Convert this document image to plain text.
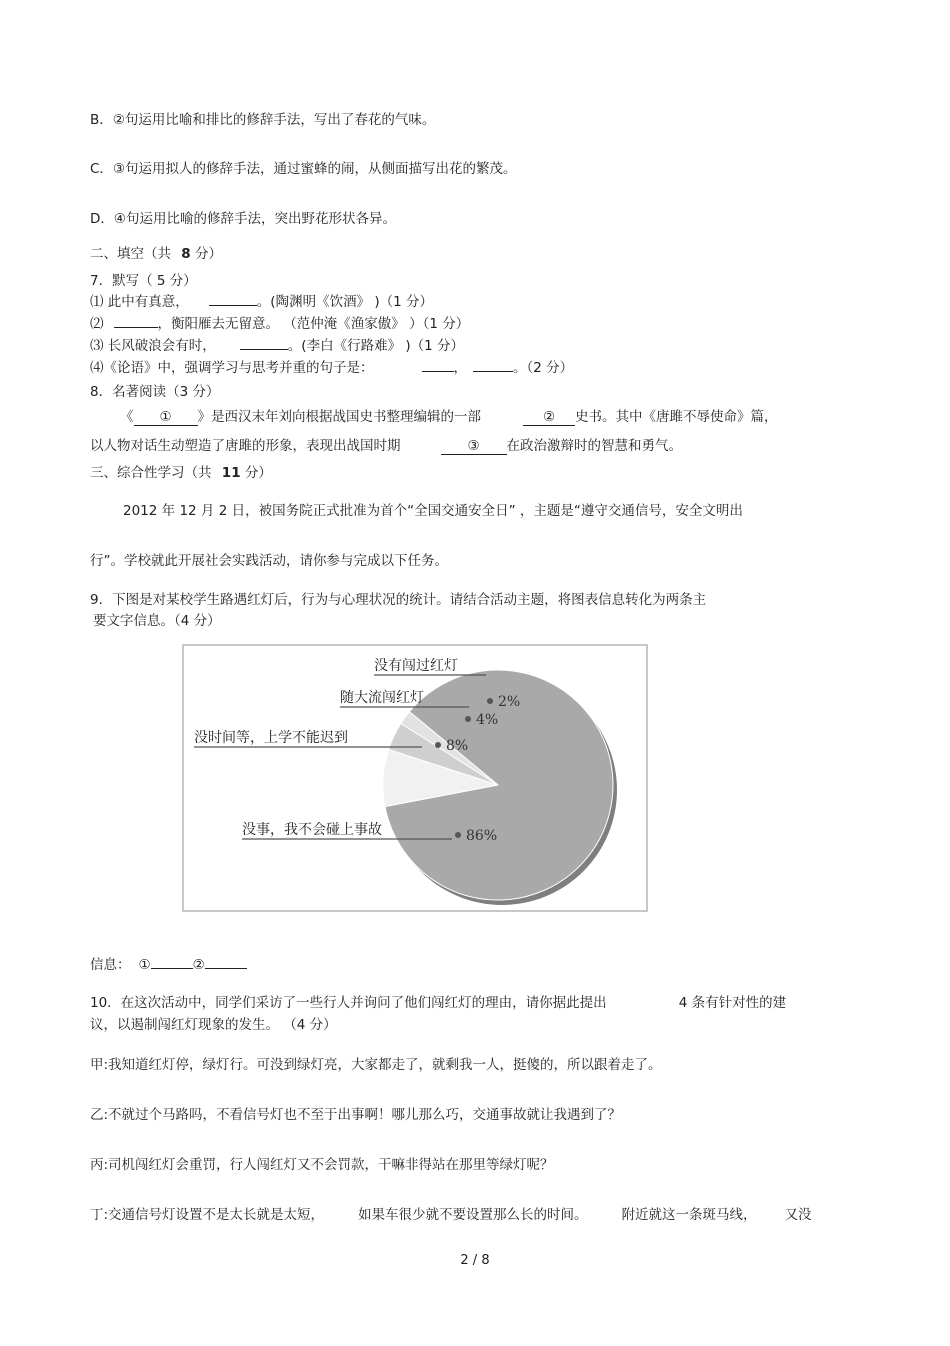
B．②句运用比喻和排比的修辞手法，写出了春花的气味。
C．③句运用拟人的修辞手法，通过蜜蜂的闹，从侧面描写出花的繁茂。
D．④句运用比喻的修辞手法，突出野花形状各异。
二、填空（共 8 分）
7．默写（ 5 分）
⑴ 此中有真意，	。(陶渊明《饮酒》 )（1 分）
⑵	，衡阳雁去无留意。 （范仲淹《渔家傲》 ）（1 分）
⑶ 长风破浪会有时，	。(李白《行路难》 )（1 分）
⑷《论语》中，强调学习与思考并重的句子是：	，	。（2 分）
8．名著阅读（3 分）
《 ① 》是西汉末年刘向根据战国史书整理编辑的一部	② 史书。其中《唐雎不辱使命》篇，
以人物对话生动塑造了唐雎的形象，表现出战国时期	③ 在政治激辩时的智慧和勇气。
三、综合性学习（共 11 分）
2012 年 12 月 2 日，被国务院正式批准为首个“全国交通安全日” ，主题是“遵守交通信号，安全文明出
行”。学校就此开展社会实践活动，请你参与完成以下任务。
9．下图是对某校学生路遇红灯后，行为与心理状况的统计。请结合活动主题，将图表信息转化为两条主
要文字信息。（4 分）
没事，我不会碰上事故	86%
没时间等，上学不能迟到	8%
随大流闯红灯
4%
没有闯过红灯
2%
信息： ①	②
10．在这次活动中，同学们采访了一些行人并询问了他们闯红灯的理由，请你据此提出	4 条有针对性的建
议，以遏制闯红灯现象的发生。 （4 分）
甲:我知道红灯停，绿灯行。可没到绿灯亮，大家都走了，就剩我一人，挺傻的，所以跟着走了。
乙:不就过个马路吗，不看信号灯也不至于出事啊！哪儿那么巧，交通事故就让我遇到了？
丙:司机闯红灯会重罚，行人闯红灯又不会罚款，干嘛非得站在那里等绿灯呢？
丁:交通信号灯设置不是太长就是太短，	如果车很少就不要设置那么长的时间。	附近就这一条斑马线， 又没
2 / 8
